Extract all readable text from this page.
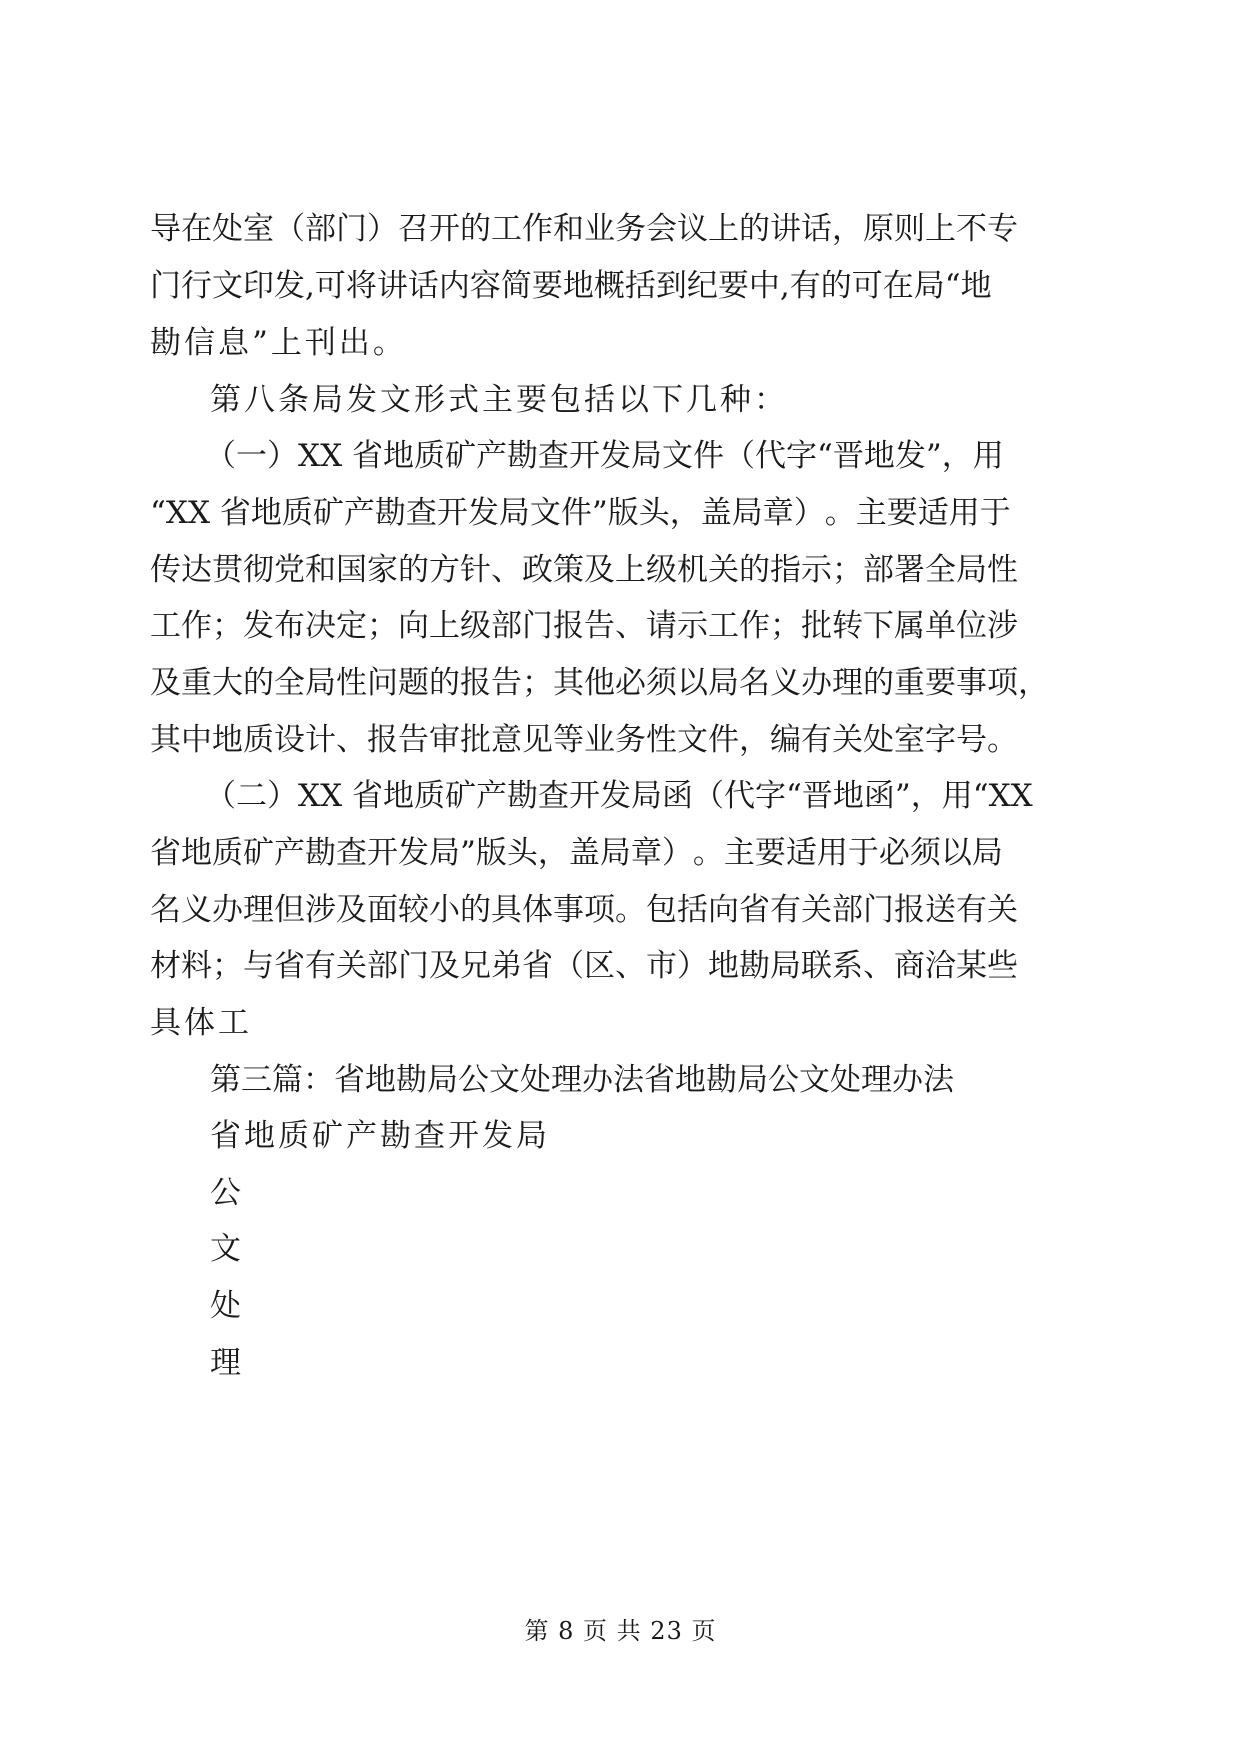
导 在 处 室 （ 部 门 ） 召 开 的 工 作 和 业 务 会 议 上 的 讲 话 ， 原 则 上 不 专
门 行 文 印 发 , 可 将 讲 话 内 容 简 要 地 概 括 到 纪 要 中 , 有 的 可 在 局 “ 地
勘信息”上刊出。
第八条局发文形式主要包括以下几种：
（ 一 ） X X
省 地 质 矿 产 勘 查 开 发 局 文 件 （ 代 字 “ 晋 地 发 ” ， 用
“ X X
省 地 质 矿 产 勘 查 开 发 局 文 件 ” 版 头 ， 盖 局 章 ） 。 主 要 适 用 于
传 达 贯 彻 党 和 国 家 的 方 针 、 政 策 及 上 级 机 关 的 指 示 ； 部 署 全 局 性
工 作 ； 发 布 决 定 ； 向 上 级 部 门 报 告 、 请 示 工 作 ； 批 转 下 属 单 位 涉
及 重 大 的 全 局 性 问 题 的 报 告 ； 其 他 必 须 以 局 名 义 办 理 的 重 要 事 项 ，
其 中 地 质 设 计 、 报 告 审 批 意 见 等 业 务 性 文 件 ， 编 有 关 处 室 字 号 。
（ 二 ） X X
省 地 质 矿 产 勘 查 开 发 局 函 （ 代 字 “ 晋 地 函 ” ， 用 “ X X
省 地 质 矿 产 勘 查 开 发 局 ” 版 头 ， 盖 局 章 ） 。 主 要 适 用 于 必 须 以 局
名 义 办 理 但 涉 及 面 较 小 的 具 体 事 项 。 包 括 向 省 有 关 部 门 报 送 有 关
材 料 ； 与 省 有 关 部 门 及 兄 弟 省 （ 区 、 市 ） 地 勘 局 联 系 、 商 洽 某 些
具体工
第 三 篇 ： 省 地 勘 局 公 文 处 理 办 法 省 地 勘 局 公 文 处 理 办 法
省地质矿产勘查开发局
公
文
处
理
第 8 页 共 23 页
